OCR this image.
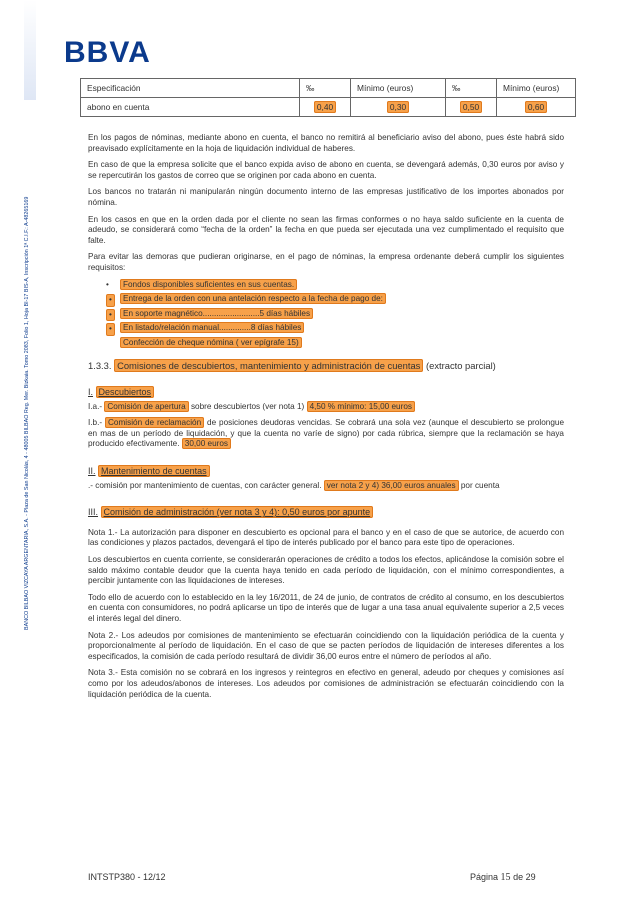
BBVA
BANCO BILBAO VIZCAYA ARGENTARIA, S.A. - Plaza de San Nicolás, 4 - 48005 BILBAO Reg. Mer. Bizkaia. Tomo 2083, Folio 1, Hoja BI-17 BIS-A, Inscripción 1ª C.I.F.: A-48265169
Especificación	‰	Mínimo (euros)	‰	Mínimo (euros)
abono en cuenta	0,40	0,30	0,50	0,60

En los pagos de nóminas, mediante abono en cuenta, el banco no remitirá al beneficiario aviso del abono, pues éste habrá sido preavisado explícitamente en la hoja de liquidación individual de haberes.

En caso de que la empresa solicite que el banco expida aviso de abono en cuenta, se devengará además, 0,30 euros por aviso y se repercutirán los gastos de correo que se originen por cada abono en cuenta.

Los bancos no tratarán ni manipularán ningún documento interno de las empresas justificativo de los importes abonados por nómina.

En los casos en que en la orden dada por el cliente no sean las firmas conformes o no haya saldo suficiente en la cuenta de adeudo, se considerará como “fecha de la orden” la fecha en que pueda ser ejecutada una vez cumplimentado el requisito que falte.

Para evitar las demoras que pudieran originarse, en el pago de nóminas, la empresa ordenante deberá cumplir los siguientes requisitos:

• Fondos disponibles suficientes en sus cuentas.
•	Entrega de la orden con una antelación respecto a la fecha de pago de:
•	En soporte magnético.........................5 días hábiles
•	En listado/relación manual..............8 días hábiles
Confección de cheque nómina ( ver epígrafe 15)
1.3.3. Comisiones de descubiertos, mantenimiento y administración de cuentas (extracto parcial)
I. Descubiertos

I.a.- Comisión de apertura sobre descubiertos (ver nota 1) 4,50 % mínimo: 15,00 euros

I.b.- Comisión de reclamación de posiciones deudoras vencidas. Se cobrará una sola vez (aunque el descubierto se prolongue en mas de un período de liquidación, y que la cuenta no varíe de signo) por cada rúbrica, siempre que la reclamación se haya producido efectivamente. 30,00 euros

II. Mantenimiento de cuentas

.- comisión por mantenimiento de cuentas, con carácter general. ver nota 2 y 4) 36,00 euros anuales por cuenta

III. Comisión de administración (ver nota 3 y 4): 0,50 euros por apunte

Nota 1.- La autorización para disponer en descubierto es opcional para el banco y en el caso de que se autorice, de acuerdo con las condiciones y plazos pactados, devengará el tipo de interés publicado por el banco para este tipo de operaciones.

Los descubiertos en cuenta corriente, se considerarán operaciones de crédito a todos los efectos, aplicándose la comisión sobre el saldo máximo contable deudor que la cuenta haya tenido en cada período de liquidación, con el mínimo correspondientes, a percibir juntamente con las liquidaciones de intereses.

Todo ello de acuerdo con lo establecido en la ley 16/2011, de 24 de junio, de contratos de crédito al consumo, en los descubiertos en cuenta con consumidores, no podrá aplicarse un tipo de interés que de lugar a una tasa anual equivalente superior a 2,5 veces el interés legal del dinero.

Nota 2.- Los adeudos por comisiones de mantenimiento se efectuarán coincidiendo con la liquidación periódica de la cuenta y proporcionalmente al período de liquidación. En el caso de que se pacten períodos de liquidación de intereses diferentes a los especificados, la comisión de cada período resultará de dividir 36,00 euros entre el número de períodos al año.

Nota 3.- Esta comisión no se cobrará en los ingresos y reintegros en efectivo en general, adeudo por cheques y comisiones así como por los adeudos/abonos de intereses. Los adeudos por comisiones de administración se efectuarán coincidiendo con la liquidación periódica de la cuenta.

INTSTP380 - 12/12	Página 15 de 29
